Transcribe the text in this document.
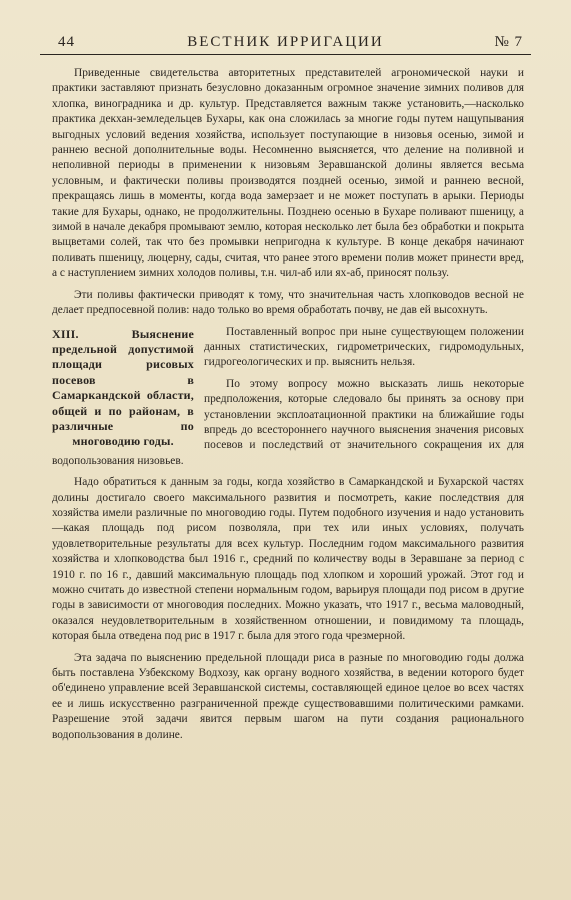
44	ВЕСТНИК ИРРИГАЦИИ	№ 7

Приведенные свидетельства авторитетных представителей агрономической науки и практики заставляют признать безусловно доказанным огромное значение зимних поливов для хлопка, виноградника и др. культур. Представляется важным также установить,—насколько практика декхан-земледельцев Бухары, как она сложилась за многие годы путем нащупывания выгодных условий ведения хозяйства, использует поступающие в низовья осенью, зимой и раннею весной дополнительные воды. Несомненно выясняется, что деление на поливной и неполивной периоды в применении к низовьям Зеравшанской долины является весьма условным, и фактически поливы производятся поздней осенью, зимой и раннею весной, прекращаясь лишь в моменты, когда вода замерзает и не может поступать в арыки. Периоды такие для Бухары, однако, не продолжительны. Позднею осенью в Бухаре поливают пшеницу, а зимой в начале декабря промывают землю, которая несколько лет была без обработки и покрыта выцветами солей, так что без промывки непригодна к культуре. В конце декабря начинают поливать пшеницу, люцерну, сады, считая, что ранее этого времени полив может принести вред, а с наступлением зимних холодов поливы, т.н. чил-аб или ях-аб, приносят пользу.

Эти поливы фактически приводят к тому, что значительная часть хлопководов весной не делает предпосевной полив: надо только во время обработать почву, не дав ей высохнуть.

XIII. Выяснение предельной допустимой площади рисовых посевов в Самаркандской области, общей и по районам, в различные по многоводию годы.

Поставленный вопрос при ныне существующем положении данных статистических, гидрометрических, гидромодульных, гидрогеологических и пр. выяснить нельзя.

По этому вопросу можно высказать лишь некоторые предположения, которые следовало бы принять за основу при установлении эксплоатационной практики на ближайшие годы впредь до всестороннего научного выяснения значения рисовых посевов и последствий от значительного сокращения их для водопользования низовьев.

Надо обратиться к данным за годы, когда хозяйство в Самаркандской и Бухарской частях долины достигало своего максимального развития и посмотреть, какие последствия для хозяйства имели различные по многоводию годы. Путем подобного изучения и надо установить—какая площадь под рисом позволяла, при тех или иных условиях, получать удовлетворительные результаты для всех культур. Последним годом максимального развития хозяйства и хлопководства был 1916 г., средний по количеству воды в Зеравшане за период с 1910 г. по 16 г., давший максимальную площадь под хлопком и хороший урожай. Этот год и можно считать до известной степени нормальным годом, варьируя площади под рисом в другие годы в зависимости от многоводия последних. Можно указать, что 1917 г., весьма маловодный, оказался неудовлетворительным в хозяйственном отношении, и повидимому та площадь, которая была отведена под рис в 1917 г. была для этого года чрезмерной.

Эта задача по выяснению предельной площади риса в разные по многоводию годы должа быть поставлена Узбекскому Водхозу, как органу водного хозяйства, в ведении которого будет об'единено управление всей Зеравшанской системы, составляющей единое целое во всех частях ее и лишь искусственно разграниченной прежде существовавшими политическими рамками. Разрешение этой задачи явится первым шагом на пути создания рационального водопользования в долине.
